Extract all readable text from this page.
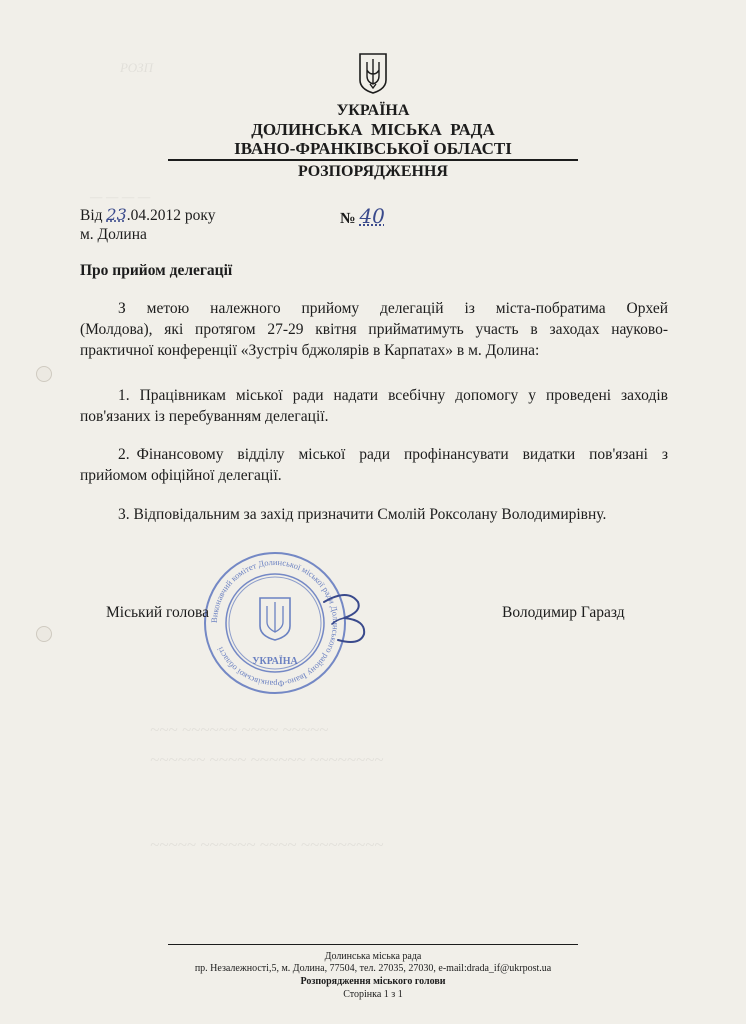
РОЗП
— — — —
~~~ ~~~~~~ ~~~~ ~~~~~
~~~~~~ ~~~~ ~~~~~~ ~~~~~~~~
~~~~~ ~~~~~~ ~~~~ ~~~~~~~~~
УКРАЇНА
ДОЛИНСЬКА  МІСЬКА  РАДА
ІВАНО-ФРАНКІВСЬКОЇ ОБЛАСТІ
РОЗПОРЯДЖЕННЯ
Від 23.04.2012 року	№ 40
м. Долина
Про прийом делегації
З   метою   належного   прийому   делегацій   із   міста-побратима   Орхей
(Молдова),  які  протягом  27-29  квітня  прийматимуть  участь  в  заходах  науково-
практичної конференції «Зустріч бджолярів в Карпатах» в м. Долина:
1. Працівникам міської ради надати всебічну допомогу у проведені заходів
пов'язаних із перебуванням делегації.
2. Фінансовому  відділу  міської  ради  профінансувати  видатки  пов'язані  з
прийомом офіційної делегації.
3. Відповідальним за захід призначити Смолій Роксолану Володимирівну.
Виконавчий комітет Долинської міської ради Долинського району Івано-Франківської області
УКРАЇНА
Міський голова	Володимир Гаразд
Долинська міська рада
пр. Незалежності,5, м. Долина, 77504, тел. 27035, 27030, e-mail:drada_if@ukrpost.ua
Розпорядження міського голови
Сторінка 1 з 1
